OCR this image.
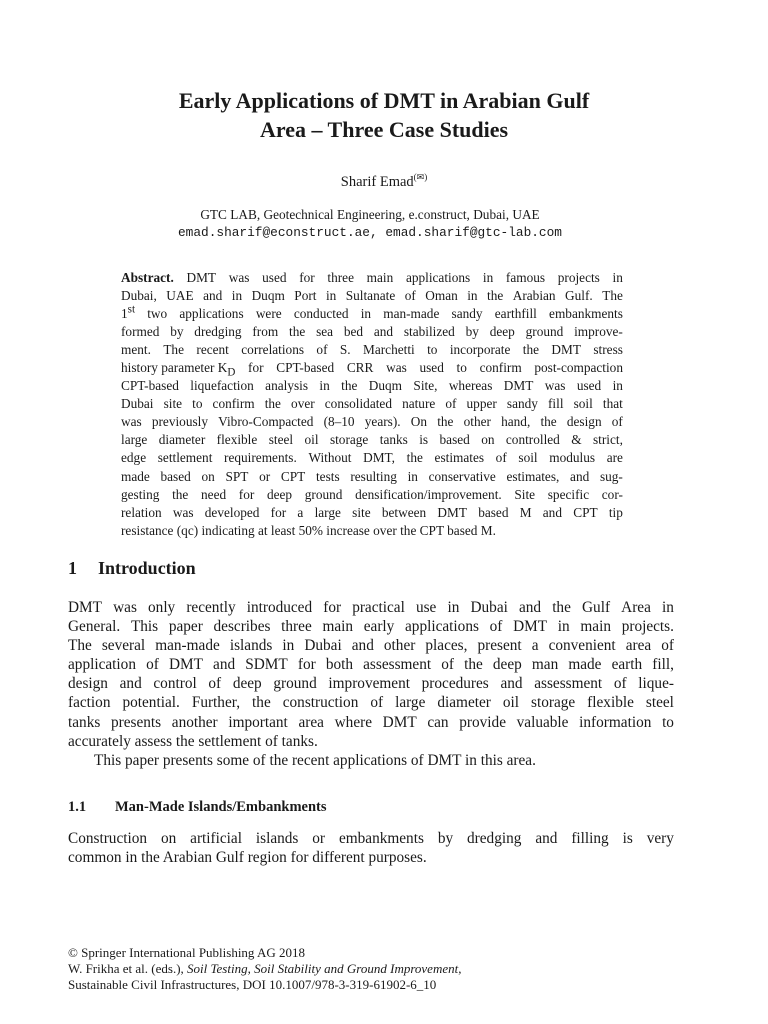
Early Applications of DMT in Arabian Gulf
Area – Three Case Studies
Sharif Emad(✉)
GTC LAB, Geotechnical Engineering, e.construct, Dubai, UAE
emad.sharif@econstruct.ae, emad.sharif@gtc-lab.com
Abstract. DMT was used for three main applications in famous projects in
Dubai, UAE and in Duqm Port in Sultanate of Oman in the Arabian Gulf. The
1st two applications were conducted in man-made sandy earthfill embankments
formed by dredging from the sea bed and stabilized by deep ground improve-
ment. The recent correlations of S. Marchetti to incorporate the DMT stress
history parameter $K_D$ for CPT-based CRR was used to confirm post-compaction
CPT-based liquefaction analysis in the Duqm Site, whereas DMT was used in
Dubai site to confirm the over consolidated nature of upper sandy fill soil that
was previously Vibro-Compacted (8–10 years). On the other hand, the design of
large diameter flexible steel oil storage tanks is based on controlled & strict,
edge settlement requirements. Without DMT, the estimates of soil modulus are
made based on SPT or CPT tests resulting in conservative estimates, and sug-
gesting the need for deep ground densification/improvement. Site specific cor-
relation was developed for a large site between DMT based M and CPT tip
resistance (qc) indicating at least 50% increase over the CPT based M.
1 Introduction
DMT was only recently introduced for practical use in Dubai and the Gulf Area in
General. This paper describes three main early applications of DMT in main projects.
The several man-made islands in Dubai and other places, present a convenient area of
application of DMT and SDMT for both assessment of the deep man made earth fill,
design and control of deep ground improvement procedures and assessment of lique-
faction potential. Further, the construction of large diameter oil storage flexible steel
tanks presents another important area where DMT can provide valuable information to
accurately assess the settlement of tanks.
This paper presents some of the recent applications of DMT in this area.
1.1 Man-Made Islands/Embankments
Construction on artificial islands or embankments by dredging and filling is very
common in the Arabian Gulf region for different purposes.
© Springer International Publishing AG 2018
W. Frikha et al. (eds.), Soil Testing, Soil Stability and Ground Improvement,
Sustainable Civil Infrastructures, DOI 10.1007/978-3-319-61902-6_10
